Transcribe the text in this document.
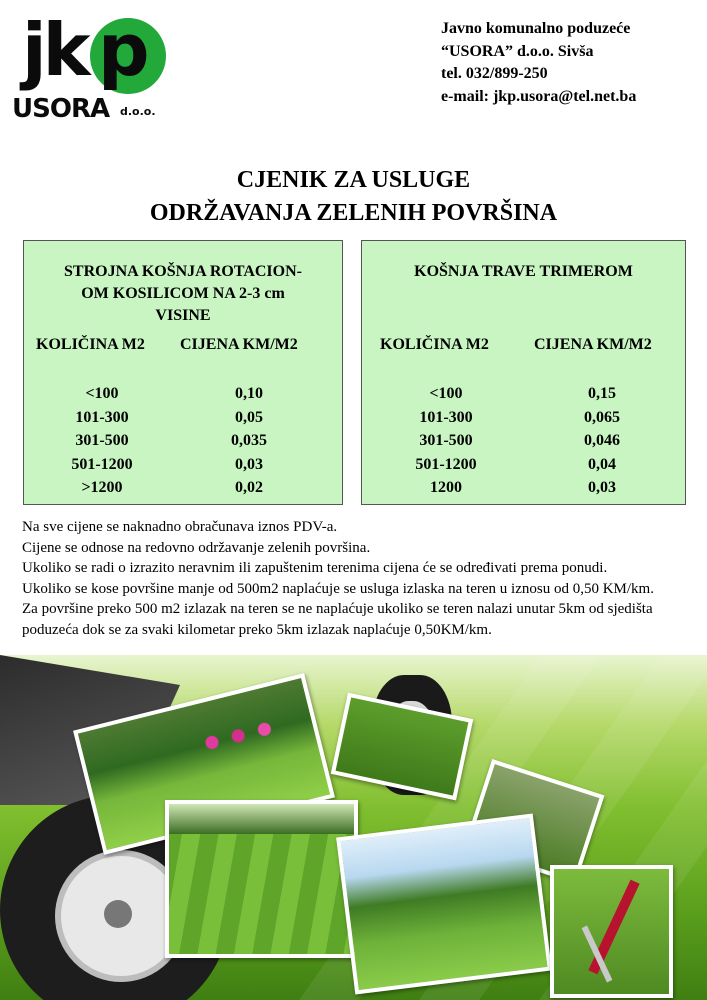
jk p
USORA d.o.o.
Javno komunalno poduzeće
“USORA” d.o.o. Sivša
tel. 032/899-250
e-mail: jkp.usora@tel.net.ba
CJENIK ZA USLUGE
ODRŽAVANJA ZELENIH POVRŠINA
STROJNA KOŠNJA ROTACION-
OM KOSILICOM NA 2-3 cm
VISINE
KOLIČINA M2 CIJENA KM/M2
<100	0,10
101-300	0,05
301-500	0,035
501-1200	0,03
>1200	0,02
KOŠNJA TRAVE TRIMEROM
KOLIČINA M2	CIJENA KM/M2
<100	0,15
101-300	0,065
301-500	0,046
501-1200	0,04
1200	0,03

Na sve cijene se naknadno obračunava iznos PDV-a.

Cijene se odnose na redovno održavanje zelenih površina.

Ukoliko se radi o izrazito neravnim ili zapuštenim terenima cijena će se određivati prema ponudi.

Ukoliko se kose površine manje od 500m2 naplaćuje se usluga izlaska na teren u iznosu od 0,50 KM/km.

Za površine preko 500 m2 izlazak na teren se ne naplaćuje ukoliko se teren nalazi unutar 5km od sjedišta poduzeća dok se za svaki kilometar preko 5km izlazak naplaćuje 0,50KM/km.
